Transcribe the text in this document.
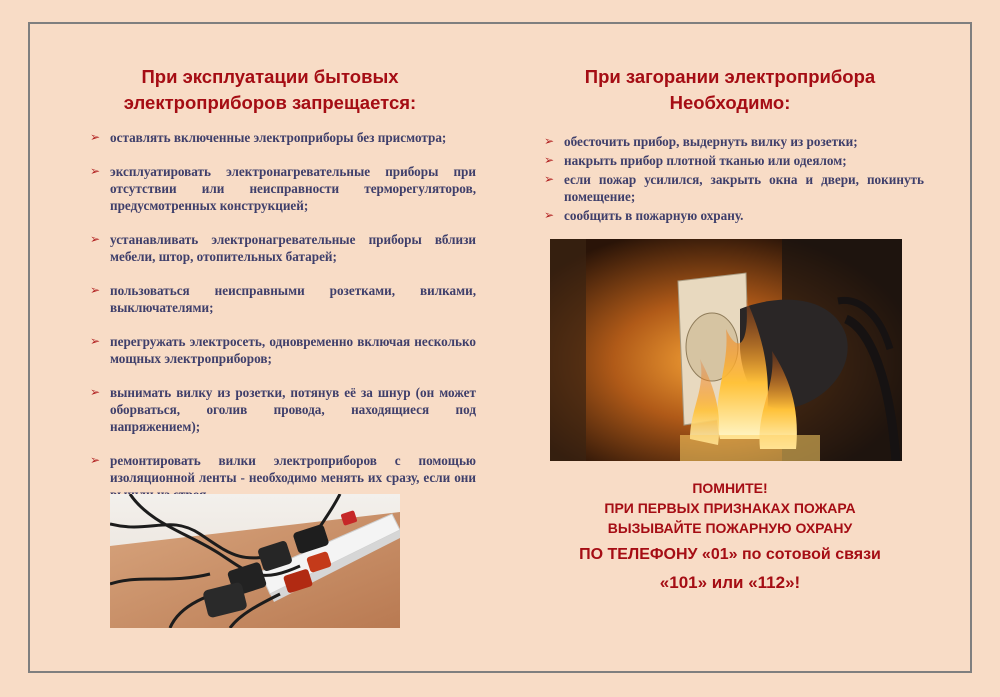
При эксплуатации бытовых
электроприборов запрещается:
➢ оставлять включенные электроприборы без присмотра;
➢ эксплуатировать электронагревательные приборы при отсутствии или неисправности терморегуляторов, предусмотренных конструкцией;
➢ устанавливать электронагревательные приборы вблизи мебели, штор, отопительных батарей;
➢ пользоваться неисправными розетками, вилками, выключателями;
➢ перегружать электросеть, одновременно включая несколько мощных электроприборов;
➢ вынимать вилку из розетки, потянув её за шнур (он может оборваться, оголив провода, находящиеся под напряжением);
➢ ремонтировать вилки электроприборов с помощью изоляционной ленты - необходимо менять их сразу, если они
При загорании электроприбора
Необходимо:
➢ обесточить прибор, выдернуть вилку из розетки;
➢ накрыть прибор плотной тканью или одеялом;
➢ если пожар усилился, закрыть окна и двери, покинуть помещение;
➢ сообщить в пожарную охрану.
ПОМНИТЕ!
ПРИ ПЕРВЫХ ПРИЗНАКАХ ПОЖАРА
ВЫЗЫВАЙТЕ ПОЖАРНУЮ ОХРАНУ
ПО ТЕЛЕФОНУ «01» по сотовой связи
«101» или «112»!
